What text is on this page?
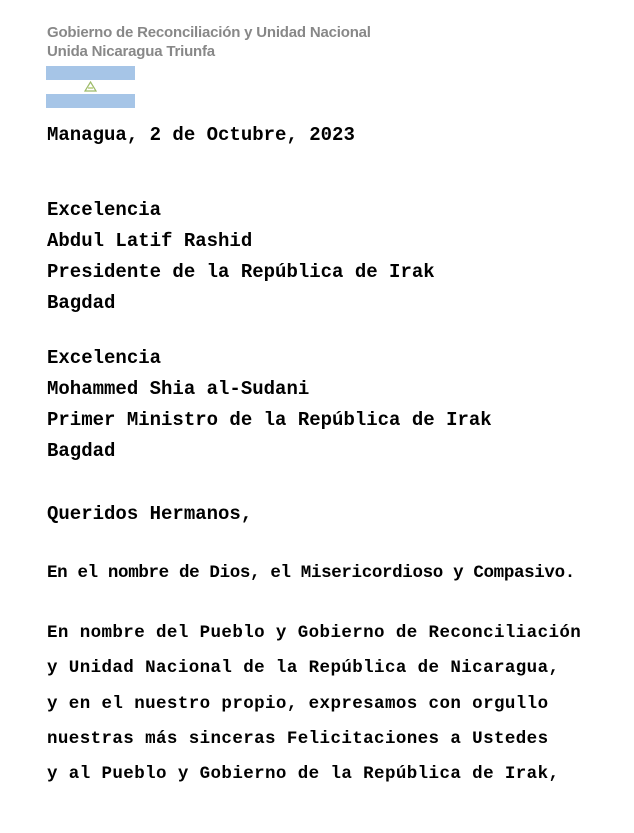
Gobierno de Reconciliación y Unidad Nacional
Unida Nicaragua Triunfa
Managua, 2 de Octubre, 2023
Excelencia
Abdul Latif Rashid
Presidente de la República de Irak
Bagdad
Excelencia
Mohammed Shia al-Sudani
Primer Ministro de la República de Irak
Bagdad
Queridos Hermanos,
En el nombre de Dios, el Misericordioso y Compasivo.
En nombre del Pueblo y Gobierno de Reconciliación
y Unidad Nacional de la República de Nicaragua,
y en el nuestro propio, expresamos con orgullo
nuestras más sinceras Felicitaciones a Ustedes
y al Pueblo y Gobierno de la República de Irak,
